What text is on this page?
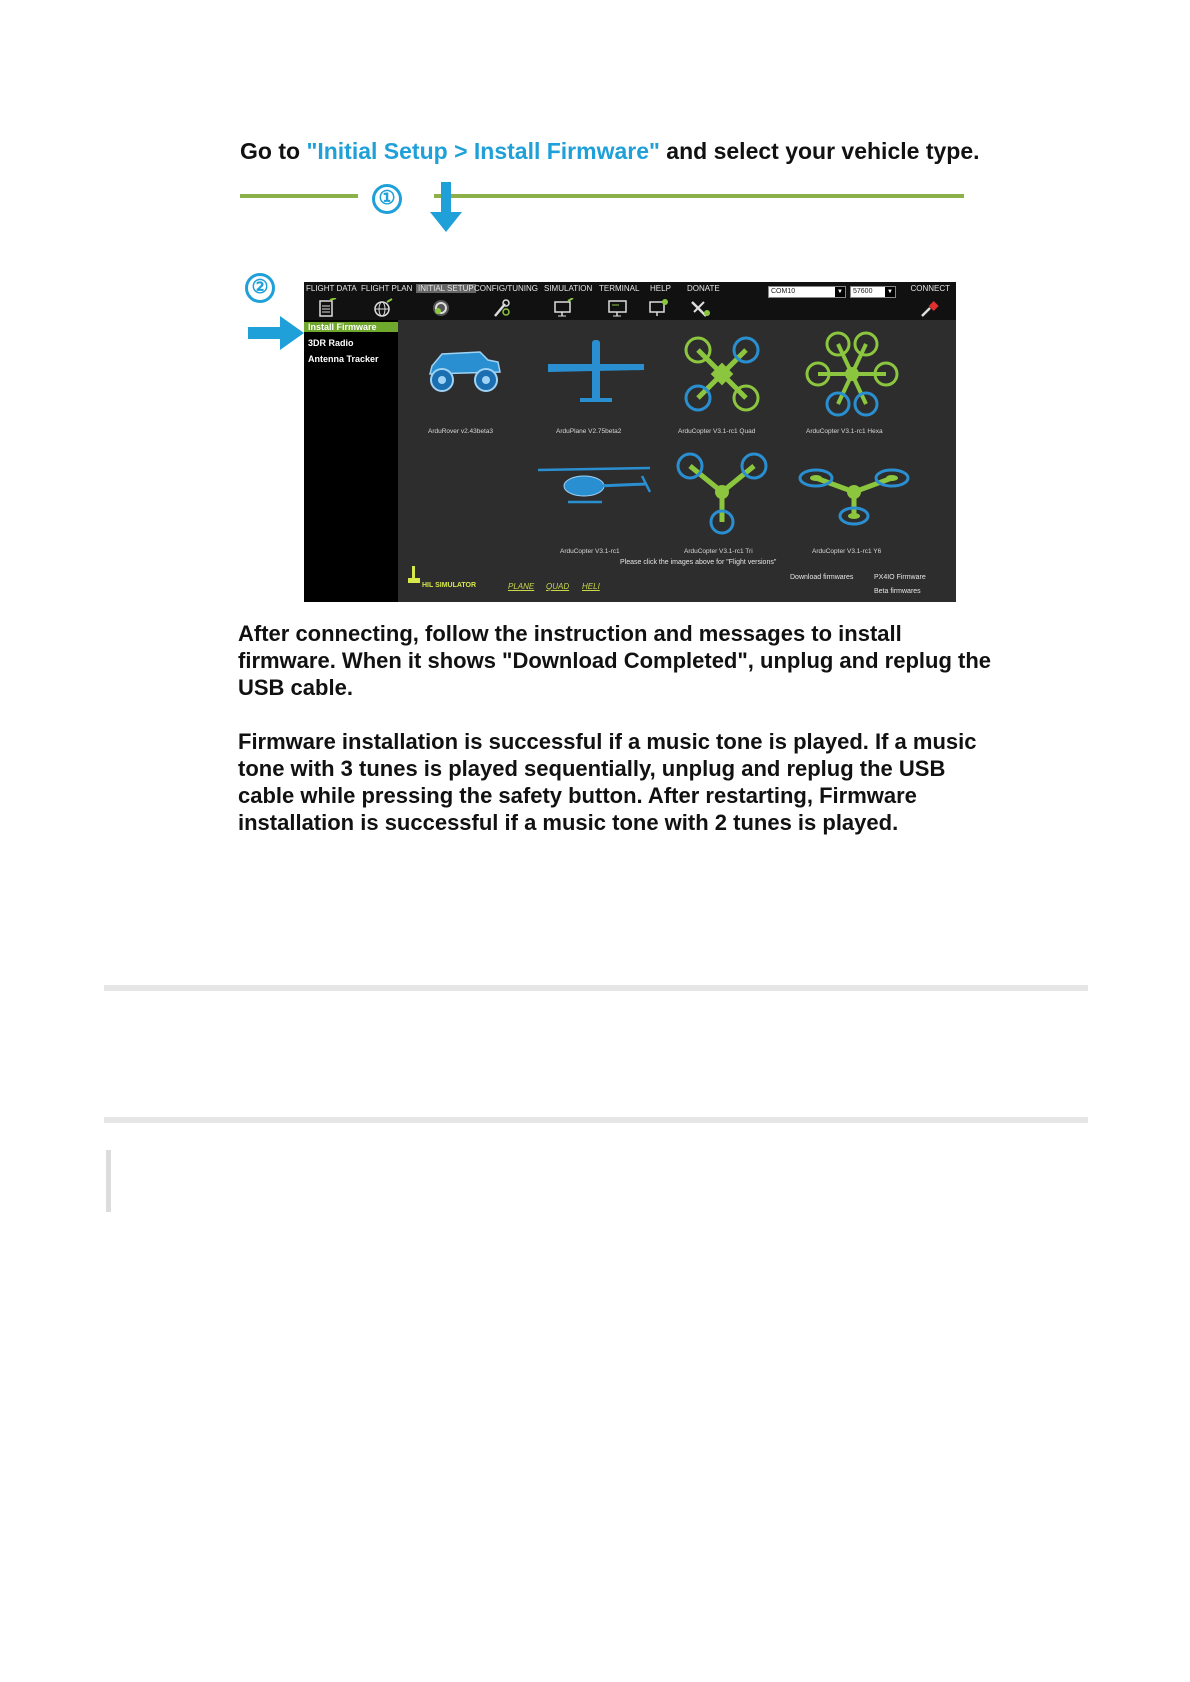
Go to "Initial Setup > Install Firmware" and select your vehicle type.
①
②	FLIGHT DATA FLIGHT PLAN INITIAL SETUP CONFIG/TUNING SIMULATION TERMINAL HELP DONATE	COM10	▼	57600	▼ CONNECT
Install Firmware
3DR Radio
Antenna Tracker
ArduRover v2.43beta3	ArduPlane V2.75beta2	ArduCopter V3.1-rc1 Quad	ArduCopter V3.1-rc1 Hexa
ArduCopter V3.1-rc1	ArduCopter V3.1-rc1 Tri	ArduCopter V3.1-rc1 Y6
Please click the images above for "Flight versions"
Download firmwares	PX4IO Firmware
Beta firmwares
HIL SIMULATOR	PLANE QUAD HELI
After connecting, follow the instruction and messages to install
firmware. When it shows "Download Completed", unplug and replug the
USB cable.
Firmware installation is successful if a music tone is played. If a music
tone with 3 tunes is played sequentially, unplug and replug the USB
cable while pressing the safety button. After restarting, Firmware
installation is successful if a music tone with 2 tunes is played.
